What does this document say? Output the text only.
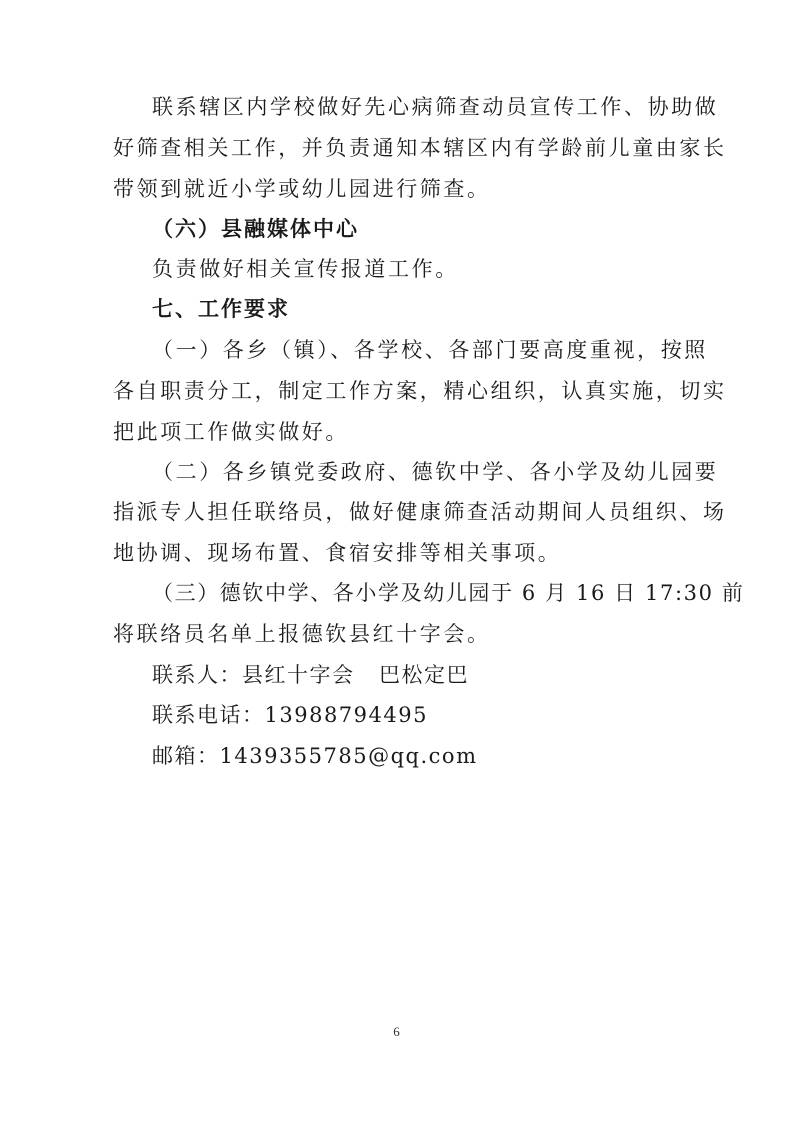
联系辖区内学校做好先心病筛查动员宣传工作、协助做
好筛查相关工作，并负责通知本辖区内有学龄前儿童由家长
带领到就近小学或幼儿园进行筛查。
（六）县融媒体中心
负责做好相关宣传报道工作。
七、工作要求
（一）各乡（镇）、各学校、各部门要高度重视，按照
各自职责分工，制定工作方案，精心组织，认真实施，切实
把此项工作做实做好。
（二）各乡镇党委政府、德钦中学、各小学及幼儿园要
指派专人担任联络员，做好健康筛查活动期间人员组织、场
地协调、现场布置、食宿安排等相关事项。
（三）德钦中学、各小学及幼儿园于 6 月 16 日 17:30 前
将联络员名单上报德钦县红十字会。
联系人：县红十字会   巴松定巴
联系电话：13988794495
邮箱：1439355785@qq.com
6
